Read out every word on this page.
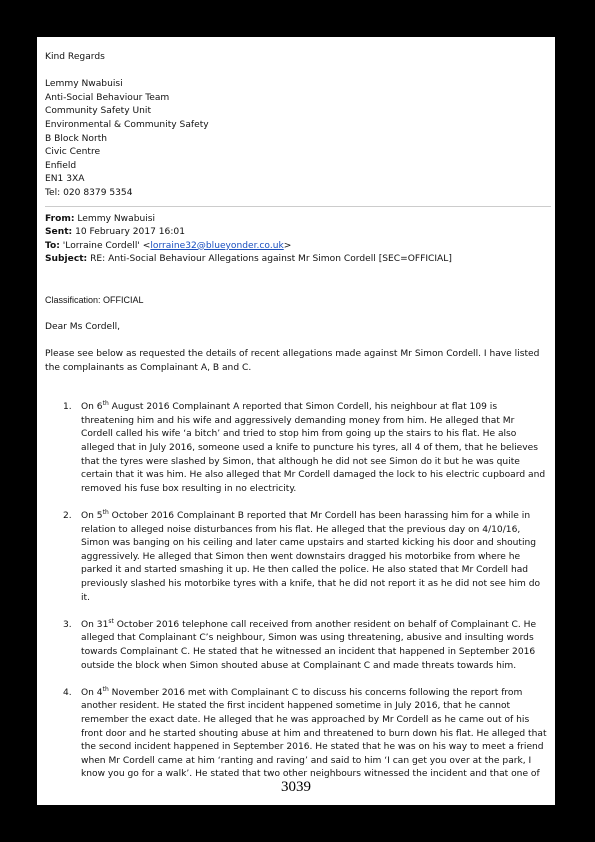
Kind Regards
Lemmy Nwabuisi
Anti-Social Behaviour Team
Community Safety Unit
Environmental & Community Safety
B Block North
Civic Centre
Enfield
EN1 3XA
Tel: 020 8379 5354
From: Lemmy Nwabuisi
Sent: 10 February 2017 16:01
To: 'Lorraine Cordell' <lorraine32@blueyonder.co.uk>
Subject: RE: Anti-Social Behaviour Allegations against Mr Simon Cordell [SEC=OFFICIAL]
Classification: OFFICIAL
Dear Ms Cordell,
Please see below as requested the details of recent allegations made against Mr Simon Cordell. I have listed
the complainants as Complainant A, B and C.
1. On 6th August 2016 Complainant A reported that Simon Cordell, his neighbour at flat 109 is
threatening him and his wife and aggressively demanding money from him. He alleged that Mr
Cordell called his wife ‘a bitch’ and tried to stop him from going up the stairs to his flat. He also
alleged that in July 2016, someone used a knife to puncture his tyres, all 4 of them, that he believes
that the tyres were slashed by Simon, that although he did not see Simon do it but he was quite
certain that it was him. He also alleged that Mr Cordell damaged the lock to his electric cupboard and
removed his fuse box resulting in no electricity.
2. On 5th October 2016 Complainant B reported that Mr Cordell has been harassing him for a while in
relation to alleged noise disturbances from his flat. He alleged that the previous day on 4/10/16,
Simon was banging on his ceiling and later came upstairs and started kicking his door and shouting
aggressively. He alleged that Simon then went downstairs dragged his motorbike from where he
parked it and started smashing it up. He then called the police. He also stated that Mr Cordell had
previously slashed his motorbike tyres with a knife, that he did not report it as he did not see him do
it.
3. On 31st October 2016 telephone call received from another resident on behalf of Complainant C. He
alleged that Complainant C’s neighbour, Simon was using threatening, abusive and insulting words
towards Complainant C. He stated that he witnessed an incident that happened in September 2016
outside the block when Simon shouted abuse at Complainant C and made threats towards him.
4. On 4th November 2016 met with Complainant C to discuss his concerns following the report from
another resident. He stated the first incident happened sometime in July 2016, that he cannot
remember the exact date. He alleged that he was approached by Mr Cordell as he came out of his
front door and he started shouting abuse at him and threatened to burn down his flat. He alleged that
the second incident happened in September 2016. He stated that he was on his way to meet a friend
when Mr Cordell came at him ‘ranting and raving’ and said to him ‘I can get you over at the park, I
know you go for a walk’. He stated that two other neighbours witnessed the incident and that one of
3039
